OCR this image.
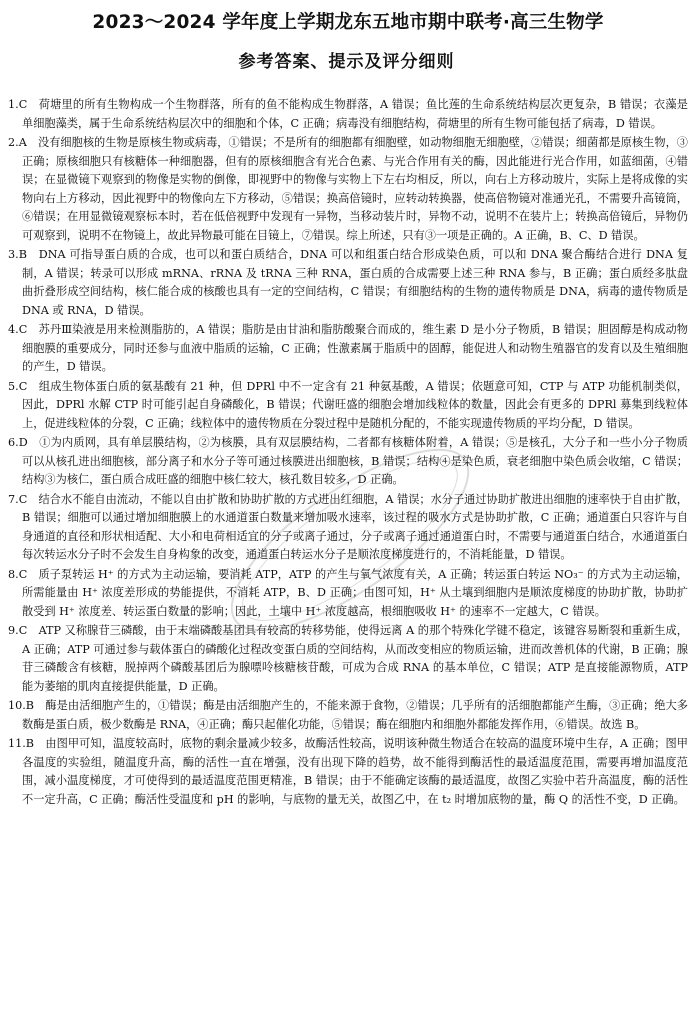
2023～2024 学年度上学期龙东五地市期中联考·高三生物学
参考答案、提示及评分细则

1.C　荷塘里的所有生物构成一个生物群落，所有的鱼不能构成生物群落，A 错误；鱼比莲的生命系统结构层次更复杂，B 错误；衣藻是单细胞藻类，属于生命系统结构层次中的细胞和个体，C 正确；病毒没有细胞结构，荷塘里的所有生物可能包括了病毒，D 错误。

2.A　没有细胞核的生物是原核生物或病毒，①错误；不是所有的细胞都有细胞壁，如动物细胞无细胞壁，②错误；细菌都是原核生物，③正确；原核细胞只有核糖体一种细胞器，但有的原核细胞含有光合色素、与光合作用有关的酶，因此能进行光合作用，如蓝细菌，④错误；在显微镜下观察到的物像是实物的倒像，即视野中的物像与实物上下左右均相反，所以，向右上方移动玻片，实际上是将成像的实物向右上方移动，因此视野中的物像向左下方移动，⑤错误；换高倍镜时，应转动转换器，使高倍物镜对准通光孔，不需要升高镜筒，⑥错误；在用显微镜观察标本时，若在低倍视野中发现有一异物，当移动装片时，异物不动，说明不在装片上；转换高倍镜后，异物仍可观察到，说明不在物镜上，故此异物最可能在目镜上，⑦错误。综上所述，只有③一项是正确的。A 正确，B、C、D 错误。

3.B　DNA 可指导蛋白质的合成，也可以和蛋白质结合，DNA 可以和组蛋白结合形成染色质，可以和 DNA 聚合酶结合进行 DNA 复制，A 错误；转录可以形成 mRNA、rRNA 及 tRNA 三种 RNA，蛋白质的合成需要上述三种 RNA 参与，B 正确；蛋白质经多肽盘曲折叠形成空间结构，核仁能合成的核酸也具有一定的空间结构，C 错误；有细胞结构的生物的遗传物质是 DNA，病毒的遗传物质是 DNA 或 RNA，D 错误。

4.C　苏丹Ⅲ染液是用来检测脂肪的，A 错误；脂肪是由甘油和脂肪酸聚合而成的，维生素 D 是小分子物质，B 错误；胆固醇是构成动物细胞膜的重要成分，同时还参与血液中脂质的运输，C 正确；性激素属于脂质中的固醇，能促进人和动物生殖器官的发育以及生殖细胞的产生，D 错误。

5.C　组成生物体蛋白质的氨基酸有 21 种，但 DPRl 中不一定含有 21 种氨基酸，A 错误；依题意可知，CTP 与 ATP 功能机制类似，因此，DPRl 水解 CTP 时可能引起自身磷酸化，B 错误；代谢旺盛的细胞会增加线粒体的数量，因此会有更多的 DPRl 募集到线粒体上，促进线粒体的分裂，C 正确；线粒体中的遗传物质在分裂过程中是随机分配的，不能实现遗传物质的平均分配，D 错误。

6.D　①为内质网，具有单层膜结构，②为核膜，具有双层膜结构，二者都有核糖体附着，A 错误；⑤是核孔，大分子和一些小分子物质可以从核孔进出细胞核，部分离子和水分子等可通过核膜进出细胞核，B 错误；结构④是染色质，衰老细胞中染色质会收缩，C 错误；结构③为核仁，蛋白质合成旺盛的细胞中核仁较大，核孔数目较多，D 正确。

7.C　结合水不能自由流动，不能以自由扩散和协助扩散的方式进出红细胞，A 错误；水分子通过协助扩散进出细胞的速率快于自由扩散，B 错误；细胞可以通过增加细胞膜上的水通道蛋白数量来增加吸水速率，该过程的吸水方式是协助扩散，C 正确；通道蛋白只容许与自身通道的直径和形状相适配、大小和电荷相适宜的分子或离子通过，分子或离子通过通道蛋白时，不需要与通道蛋白结合，水通道蛋白每次转运水分子时不会发生自身构象的改变，通道蛋白转运水分子是顺浓度梯度进行的，不消耗能量，D 错误。

8.C　质子泵转运 H⁺ 的方式为主动运输，要消耗 ATP，ATP 的产生与氧气浓度有关，A 正确；转运蛋白转运 NO₃⁻ 的方式为主动运输，所需能量由 H⁺ 浓度差形成的势能提供，不消耗 ATP，B、D 正确；由图可知，H⁺ 从土壤到细胞内是顺浓度梯度的协助扩散，协助扩散受到 H⁺ 浓度差、转运蛋白数量的影响；因此，土壤中 H⁺ 浓度越高，根细胞吸收 H⁺ 的速率不一定越大，C 错误。

9.C　ATP 又称腺苷三磷酸，由于末端磷酸基团具有较高的转移势能，使得远离 A 的那个特殊化学键不稳定，该键容易断裂和重新生成，A 正确；ATP 可通过参与载体蛋白的磷酸化过程改变蛋白质的空间结构，从而改变相应的物质运输，进而改善机体的代谢，B 正确；腺苷三磷酸含有核糖，脱掉两个磷酸基团后为腺嘌呤核糖核苷酸，可成为合成 RNA 的基本单位，C 错误；ATP 是直接能源物质，ATP 能为萎缩的肌肉直接提供能量，D 正确。

10.B　酶是由活细胞产生的，①错误；酶是由活细胞产生的，不能来源于食物，②错误；几乎所有的活细胞都能产生酶，③正确；绝大多数酶是蛋白质，极少数酶是 RNA，④正确；酶只起催化功能，⑤错误；酶在细胞内和细胞外都能发挥作用，⑥错误。故选 B。

11.B　由图甲可知，温度较高时，底物的剩余量减少较多，故酶活性较高，说明该种微生物适合在较高的温度环境中生存，A 正确；图甲各温度的实验组，随温度升高，酶的活性一直在增强，没有出现下降的趋势，故不能得到酶活性的最适温度范围，需要再增加温度范围，减小温度梯度，才可使得到的最适温度范围更精准，B 错误；由于不能确定该酶的最适温度，故图乙实验中若升高温度，酶的活性不一定升高，C 正确；酶活性受温度和 pH 的影响，与底物的量无关，故图乙中，在 t₂ 时增加底物的量，酶 Q 的活性不变，D 正确。
